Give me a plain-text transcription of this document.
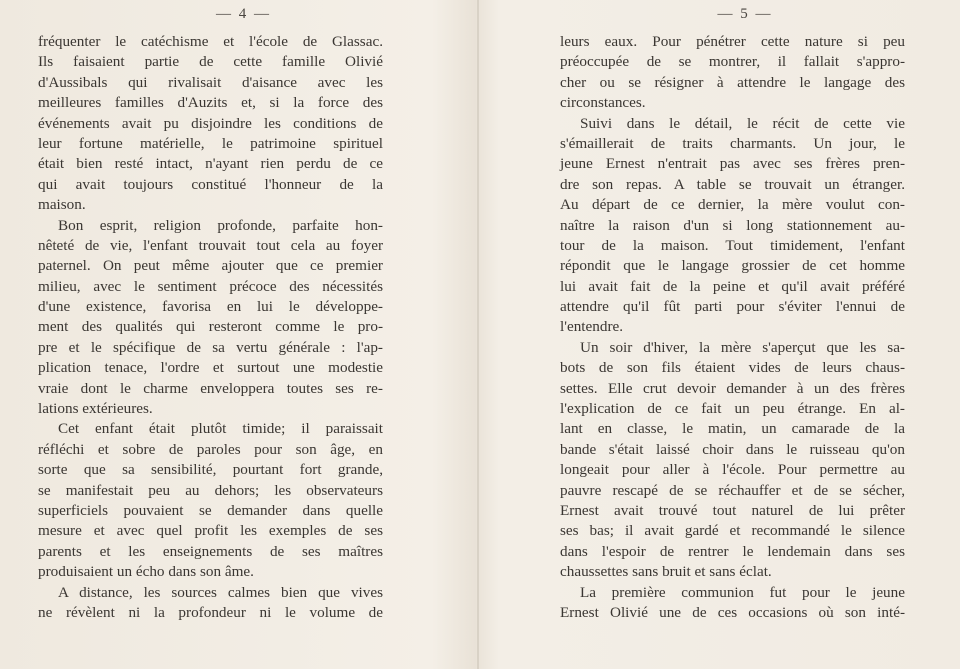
— 4 —
fréquenter le catéchisme et l'école de Glassac.
Ils faisaient partie de cette famille Olivié
d'Aussibals qui rivalisait d'aisance avec les
meilleures familles d'Auzits et, si la force des
événements avait pu disjoindre les conditions de
leur fortune matérielle, le patrimoine spirituel
était bien resté intact, n'ayant rien perdu de ce
qui avait toujours constitué l'honneur de la
maison.
Bon esprit, religion profonde, parfaite hon-
nêteté de vie, l'enfant trouvait tout cela au foyer
paternel. On peut même ajouter que ce premier
milieu, avec le sentiment précoce des nécessités
d'une existence, favorisa en lui le développe-
ment des qualités qui resteront comme le pro-
pre et le spécifique de sa vertu générale : l'ap-
plication tenace, l'ordre et surtout une modestie
vraie dont le charme enveloppera toutes ses re-
lations extérieures.
Cet enfant était plutôt timide; il paraissait
réfléchi et sobre de paroles pour son âge, en
sorte que sa sensibilité, pourtant fort grande,
se manifestait peu au dehors; les observateurs
superficiels pouvaient se demander dans quelle
mesure et avec quel profit les exemples de ses
parents et les enseignements de ses maîtres
produisaient un écho dans son âme.
A distance, les sources calmes bien que vives
ne révèlent ni la profondeur ni le volume de
— 5 —
leurs eaux. Pour pénétrer cette nature si peu
préoccupée de se montrer, il fallait s'appro-
cher ou se résigner à attendre le langage des
circonstances.
Suivi dans le détail, le récit de cette vie
s'émaillerait de traits charmants. Un jour, le
jeune Ernest n'entrait pas avec ses frères pren-
dre son repas. A table se trouvait un étranger.
Au départ de ce dernier, la mère voulut con-
naître la raison d'un si long stationnement au-
tour de la maison. Tout timidement, l'enfant
répondit que le langage grossier de cet homme
lui avait fait de la peine et qu'il avait préféré
attendre qu'il fût parti pour s'éviter l'ennui de
l'entendre.
Un soir d'hiver, la mère s'aperçut que les sa-
bots de son fils étaient vides de leurs chaus-
settes. Elle crut devoir demander à un des frères
l'explication de ce fait un peu étrange. En al-
lant en classe, le matin, un camarade de la
bande s'était laissé choir dans le ruisseau qu'on
longeait pour aller à l'école. Pour permettre au
pauvre rescapé de se réchauffer et de se sécher,
Ernest avait trouvé tout naturel de lui prêter
ses bas; il avait gardé et recommandé le silence
dans l'espoir de rentrer le lendemain dans ses
chaussettes sans bruit et sans éclat.
La première communion fut pour le jeune
Ernest Olivié une de ces occasions où son inté-
